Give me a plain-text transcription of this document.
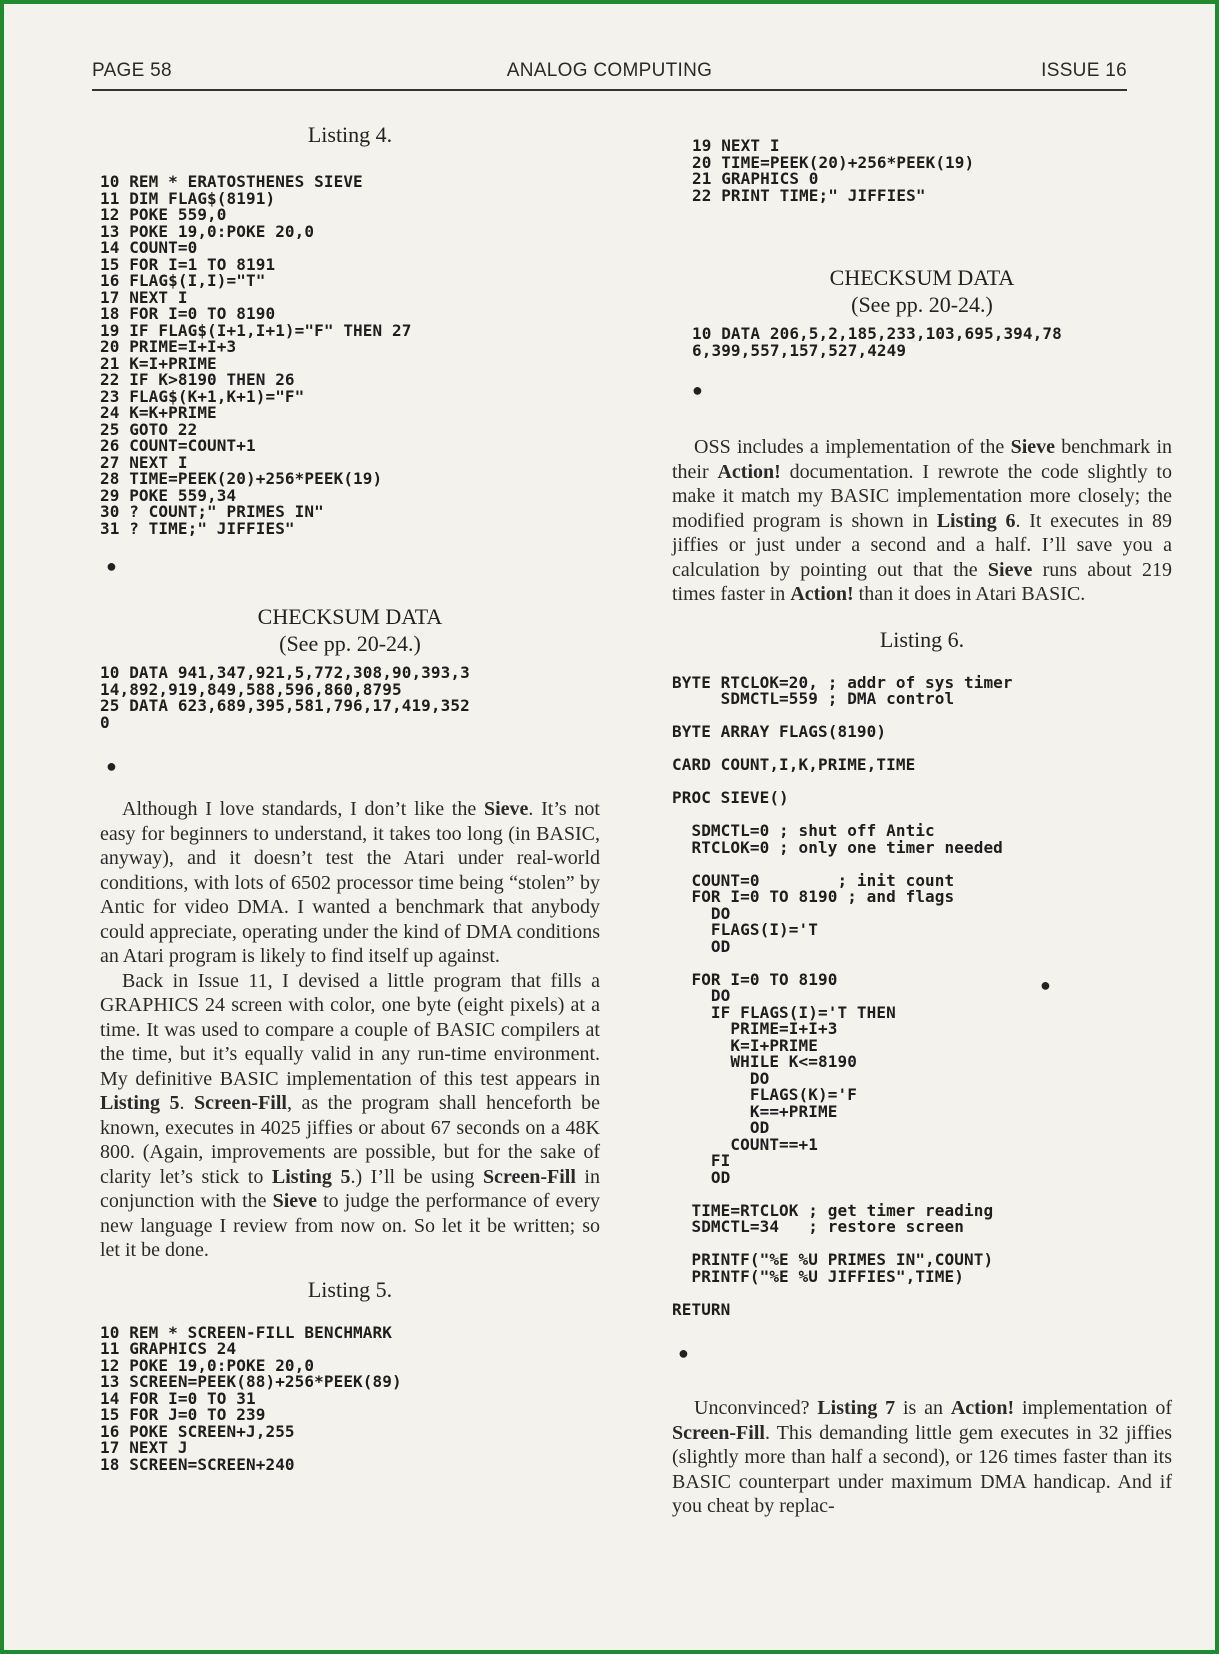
PAGE 58	ANALOG COMPUTING	ISSUE 16
Listing 4.
10 REM * ERATOSTHENES SIEVE
11 DIM FLAG$(8191)
12 POKE 559,0
13 POKE 19,0:POKE 20,0
14 COUNT=0
15 FOR I=1 TO 8191
16 FLAG$(I,I)="T"
17 NEXT I
18 FOR I=0 TO 8190
19 IF FLAG$(I+1,I+1)="F" THEN 27
20 PRIME=I+I+3
21 K=I+PRIME
22 IF K>8190 THEN 26
23 FLAG$(K+1,K+1)="F"
24 K=K+PRIME
25 GOTO 22
26 COUNT=COUNT+1
27 NEXT I
28 TIME=PEEK(20)+256*PEEK(19)
29 POKE 559,34
30 ? COUNT;" PRIMES IN"
31 ? TIME;" JIFFIES"
●
CHECKSUM DATA
(See pp. 20-24.)
10 DATA 941,347,921,5,772,308,90,393,3
14,892,919,849,588,596,860,8795
25 DATA 623,689,395,581,796,17,419,352
0
●

Although I love standards, I don’t like the Sieve. It’s not easy for beginners to understand, it takes too long (in BASIC, anyway), and it doesn’t test the Atari under real-world conditions, with lots of 6502 processor time being “stolen” by Antic for video DMA. I wanted a benchmark that anybody could appreciate, operating under the kind of DMA conditions an Atari program is likely to find itself up against.

Back in Issue 11, I devised a little program that fills a GRAPHICS 24 screen with color, one byte (eight pixels) at a time. It was used to compare a couple of BASIC compilers at the time, but it’s equally valid in any run-time environment. My definitive BASIC implementation of this test appears in Listing 5. Screen-Fill, as the program shall henceforth be known, executes in 4025 jiffies or about 67 seconds on a 48K 800. (Again, improvements are possible, but for the sake of clarity let’s stick to Listing 5.) I’ll be using Screen-Fill in conjunction with the Sieve to judge the performance of every new language I review from now on. So let it be written; so let it be done.

Listing 5.
10 REM * SCREEN-FILL BENCHMARK
11 GRAPHICS 24
12 POKE 19,0:POKE 20,0
13 SCREEN=PEEK(88)+256*PEEK(89)
14 FOR I=0 TO 31
15 FOR J=0 TO 239
16 POKE SCREEN+J,255
17 NEXT J
18 SCREEN=SCREEN+240
19 NEXT I
20 TIME=PEEK(20)+256*PEEK(19)
21 GRAPHICS 0
22 PRINT TIME;" JIFFIES"
CHECKSUM DATA
(See pp. 20-24.)
10 DATA 206,5,2,185,233,103,695,394,78
6,399,557,157,527,4249
●

OSS includes a implementation of the Sieve benchmark in their Action! documentation. I rewrote the code slightly to make it match my BASIC implementation more closely; the modified program is shown in Listing 6. It executes in 89 jiffies or just under a second and a half. I’ll save you a calculation by pointing out that the Sieve runs about 219 times faster in Action! than it does in Atari BASIC.

Listing 6.
BYTE RTCLOK=20, ; addr of sys timer
SDMCTL=559 ; DMA control

BYTE ARRAY FLAGS(8190)

CARD COUNT,I,K,PRIME,TIME

PROC SIEVE()

SDMCTL=0 ; shut off Antic
RTCLOK=0 ; only one timer needed

COUNT=0        ; init count
FOR I=0 TO 8190 ; and flags
DO
FLAGS(I)='T
OD

FOR I=0 TO 8190
DO
IF FLAGS(I)='T THEN
PRIME=I+I+3
K=I+PRIME
WHILE K<=8190
DO
FLAGS(K)='F
K==+PRIME
OD
COUNT==+1
FI
OD

TIME=RTCLOK ; get timer reading
SDMCTL=34   ; restore screen

PRINTF("%E %U PRIMES IN",COUNT)
PRINTF("%E %U JIFFIES",TIME)

RETURN
●

Unconvinced? Listing 7 is an Action! implementation of Screen-Fill. This demanding little gem executes in 32 jiffies (slightly more than half a second), or 126 times faster than its BASIC counterpart under maximum DMA handicap. And if you cheat by replac-

●
